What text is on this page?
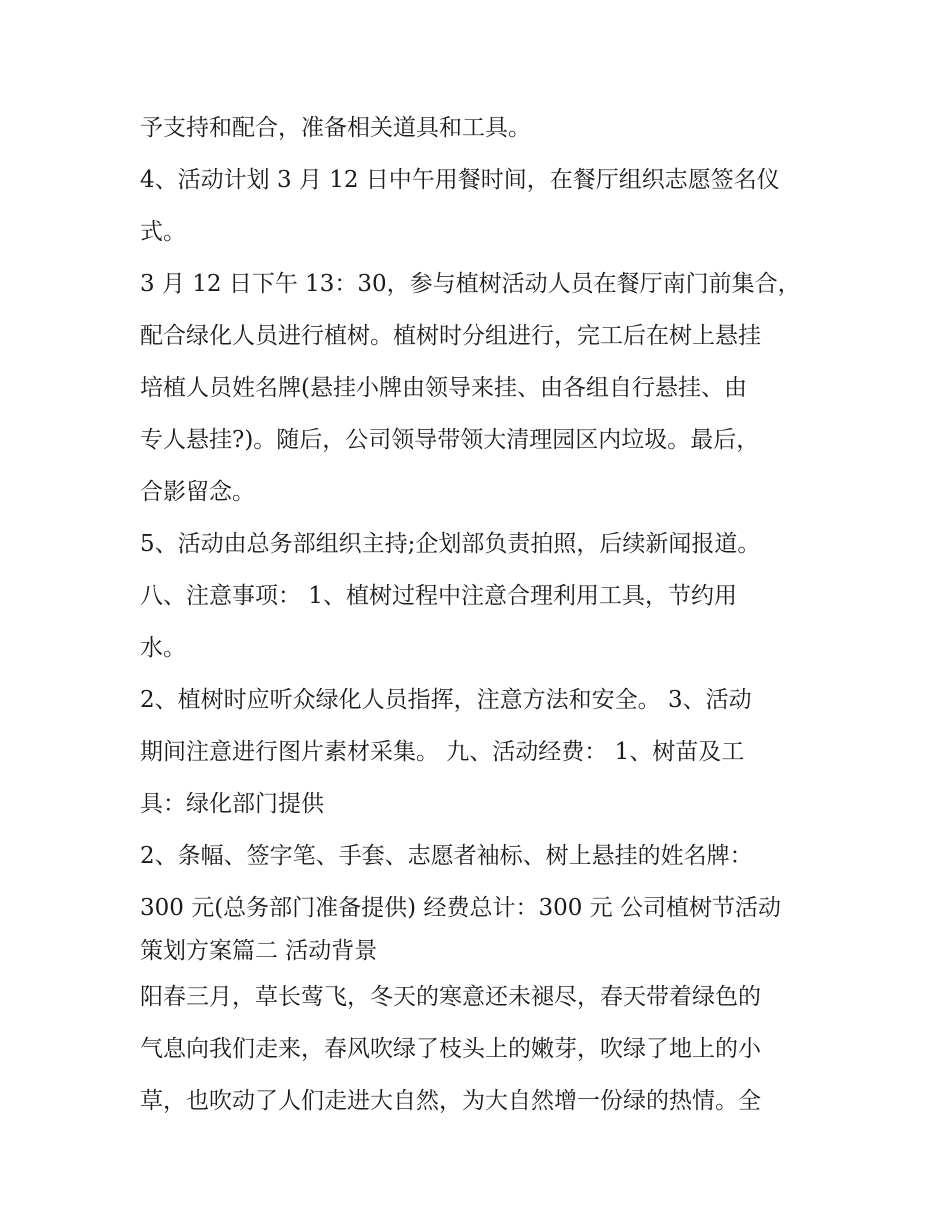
予支持和配合，准备相关道具和工具。
4、活动计划 3 月 12 日中午用餐时间，在餐厅组织志愿签名仪
式。
3 月 12 日下午 13：30，参与植树活动人员在餐厅南门前集合，
配合绿化人员进行植树。植树时分组进行，完工后在树上悬挂
培植人员姓名牌(悬挂小牌由领导来挂、由各组自行悬挂、由
专人悬挂?)。随后，公司领导带领大清理园区内垃圾。最后，
合影留念。
5、活动由总务部组织主持;企划部负责拍照，后续新闻报道。
八、注意事项： 1、植树过程中注意合理利用工具，节约用
水。
2、植树时应听众绿化人员指挥，注意方法和安全。 3、活动
期间注意进行图片素材采集。 九、活动经费： 1、树苗及工
具：绿化部门提供
2、条幅、签字笔、手套、志愿者袖标、树上悬挂的姓名牌：
300 元(总务部门准备提供) 经费总计：300 元 公司植树节活动
策划方案篇二 活动背景
阳春三月，草长莺飞，冬天的寒意还未褪尽，春天带着绿色的
气息向我们走来，春风吹绿了枝头上的嫩芽，吹绿了地上的小
草，也吹动了人们走进大自然，为大自然增一份绿的热情。全
